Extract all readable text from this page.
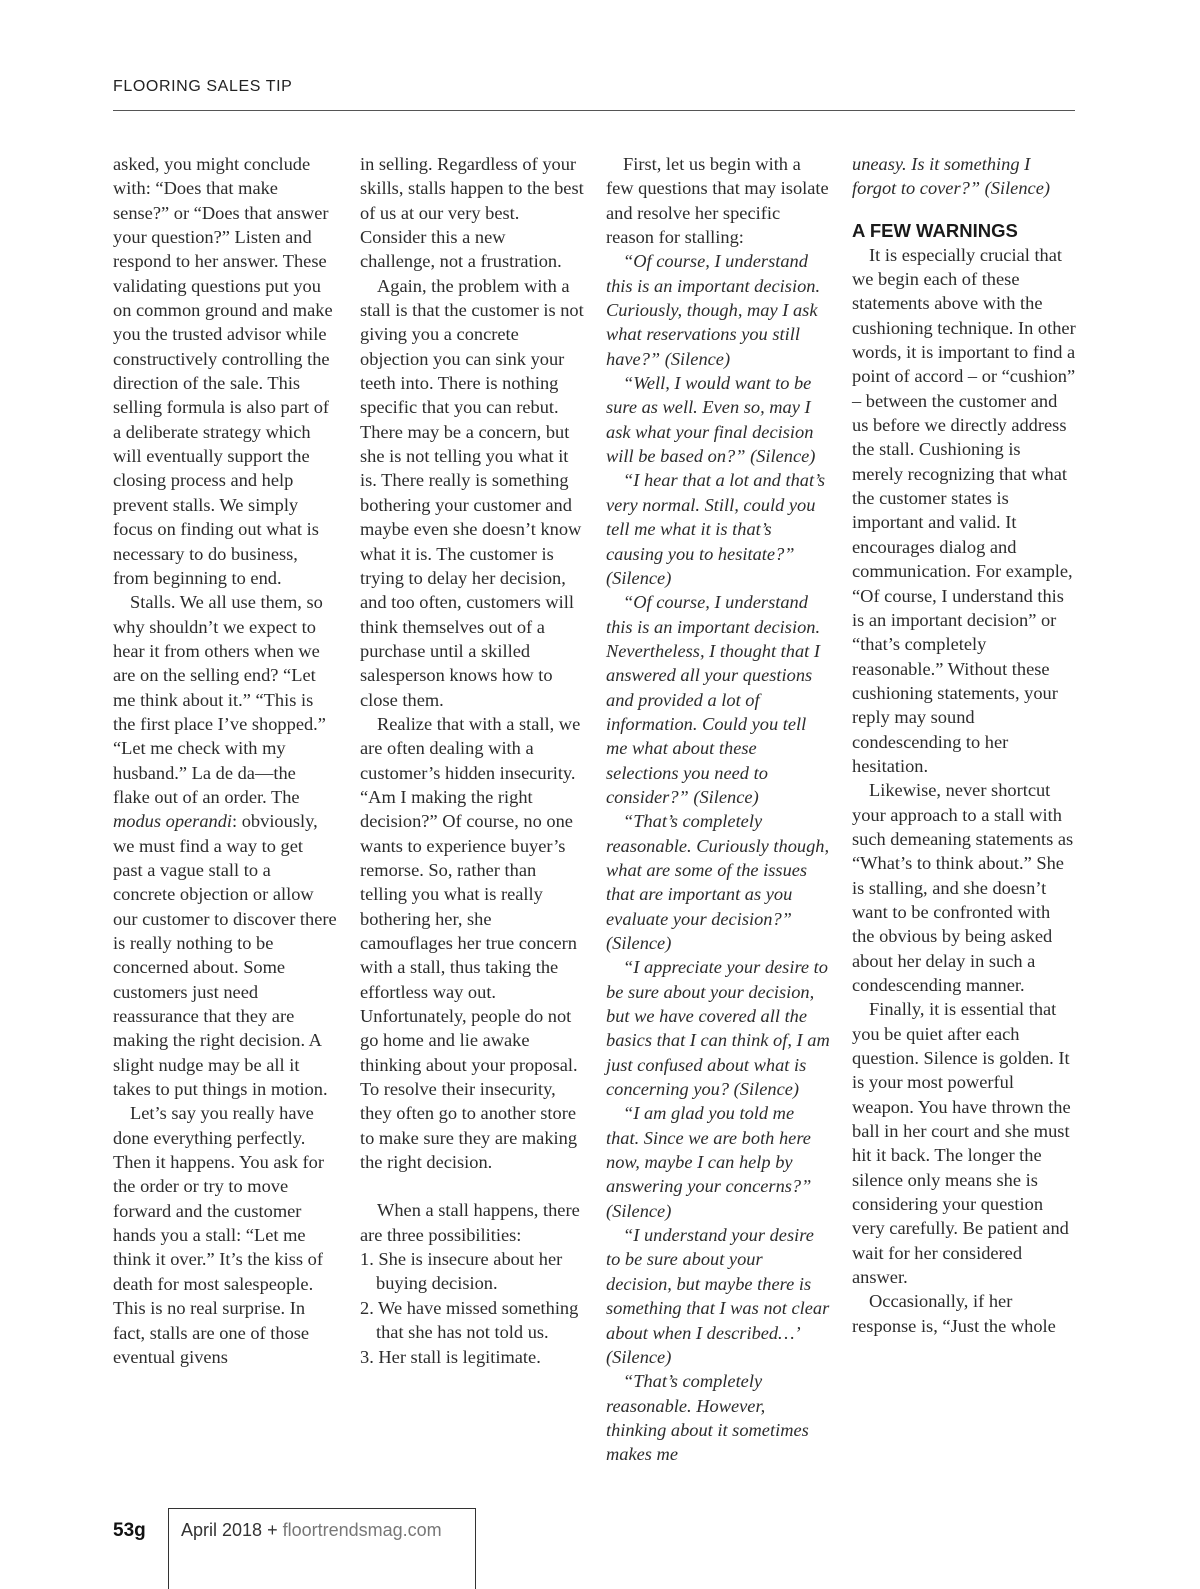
FLOORING SALES TIP

asked, you might conclude with: “Does that make sense?” or “Does that answer your question?” Listen and respond to her answer. These validating questions put you on common ground and make you the trusted advisor while constructively controlling the direction of the sale. This selling formula is also part of a deliberate strategy which will eventually support the closing process and help prevent stalls. We simply focus on finding out what is necessary to do business, from beginning to end.

Stalls. We all use them, so why shouldn’t we expect to hear it from others when we are on the selling end? “Let me think about it.” “This is the first place I’ve shopped.” “Let me check with my husband.” La de da—the flake out of an order. The modus operandi: obviously, we must find a way to get past a vague stall to a concrete objection or allow our customer to discover there is really nothing to be concerned about. Some customers just need reassurance that they are making the right decision. A slight nudge may be all it takes to put things in motion.

Let’s say you really have done everything perfectly. Then it happens. You ask for the order or try to move forward and the customer hands you a stall: “Let me think it over.” It’s the kiss of death for most salespeople. This is no real surprise. In fact, stalls are one of those eventual givens

in selling. Regardless of your skills, stalls happen to the best of us at our very best. Consider this a new challenge, not a frustration.

Again, the problem with a stall is that the customer is not giving you a concrete objection you can sink your teeth into. There is nothing specific that you can rebut. There may be a concern, but she is not telling you what it is. There really is something bothering your customer and maybe even she doesn’t know what it is. The customer is trying to delay her decision, and too often, customers will think themselves out of a purchase until a skilled salesperson knows how to close them.

Realize that with a stall, we are often dealing with a customer’s hidden insecurity. “Am I making the right decision?” Of course, no one wants to experience buyer’s remorse. So, rather than telling you what is really bothering her, she camouflages her true concern with a stall, thus taking the effortless way out. Unfortunately, people do not go home and lie awake thinking about your proposal. To resolve their insecurity, they often go to another store to make sure they are making the right decision.

When a stall happens, there are three possibilities:

1. She is insecure about her buying decision.
2. We have missed something that she has not told us.
3. Her stall is legitimate.

First, let us begin with a few questions that may isolate and resolve her specific reason for stalling:

“Of course, I understand this is an important decision. Curiously, though, may I ask what reservations you still have?” (Silence)

“Well, I would want to be sure as well. Even so, may I ask what your final decision will be based on?” (Silence)

“I hear that a lot and that’s very normal. Still, could you tell me what it is that’s causing you to hesitate?” (Silence)

“Of course, I understand this is an important decision. Nevertheless, I thought that I answered all your questions and provided a lot of information. Could you tell me what about these selections you need to consider?” (Silence)

“That’s completely reasonable. Curiously though, what are some of the issues that are important as you evaluate your decision?” (Silence)

“I appreciate your desire to be sure about your decision, but we have covered all the basics that I can think of, I am just confused about what is concerning you? (Silence)

“I am glad you told me that. Since we are both here now, maybe I can help by answering your concerns?” (Silence)

“I understand your desire to be sure about your decision, but maybe there is something that I was not clear about when I described…’ (Silence)

“That’s completely reasonable. However, thinking about it sometimes makes me

uneasy. Is it something I forgot to cover?” (Silence)

A FEW WARNINGS

It is especially crucial that we begin each of these statements above with the cushioning technique. In other words, it is important to find a point of accord – or “cushion” – between the customer and us before we directly address the stall. Cushioning is merely recognizing that what the customer states is important and valid. It encourages dialog and communication. For example, “Of course, I understand this is an important decision” or “that’s completely reasonable.” Without these cushioning statements, your reply may sound condescending to her hesitation.

Likewise, never shortcut your approach to a stall with such demeaning statements as “What’s to think about.” She is stalling, and she doesn’t want to be confronted with the obvious by being asked about her delay in such a condescending manner.

Finally, it is essential that you be quiet after each question. Silence is golden. It is your most powerful weapon. You have thrown the ball in her court and she must hit it back. The longer the silence only means she is considering your question very carefully. Be patient and wait for her considered answer.

Occasionally, if her response is, “Just the whole

53g April 2018 + floortrendsmag.com
